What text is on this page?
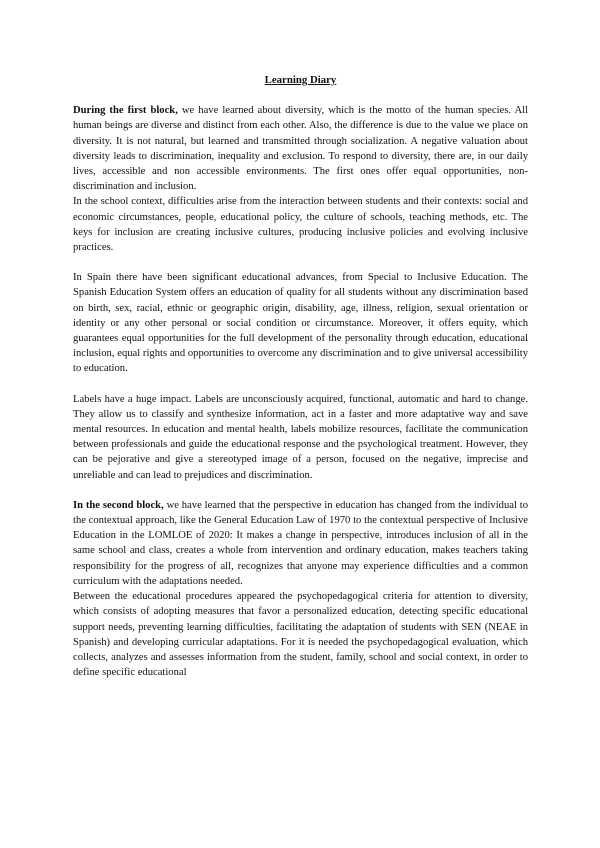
Learning Diary

During the first block, we have learned about diversity, which is the motto of the human species. All human beings are diverse and distinct from each other. Also, the difference is due to the value we place on diversity. It is not natural, but learned and transmitted through socialization. A negative valuation about diversity leads to discrimination, inequality and exclusion. To respond to diversity, there are, in our daily lives, accessible and non accessible environments. The first ones offer equal opportunities, non-discrimination and inclusion.

In the school context, difficulties arise from the interaction between students and their contexts: social and economic circumstances, people, educational policy, the culture of schools, teaching methods, etc. The keys for inclusion are creating inclusive cultures, producing inclusive policies and evolving inclusive practices.

In Spain there have been significant educational advances, from Special to Inclusive Education. The Spanish Education System offers an education of quality for all students without any discrimination based on birth, sex, racial, ethnic or geographic origin, disability, age, illness, religion, sexual orientation or identity or any other personal or social condition or circumstance. Moreover, it offers equity, which guarantees equal opportunities for the full development of the personality through education, educational inclusion, equal rights and opportunities to overcome any discrimination and to give universal accessibility to education.

Labels have a huge impact. Labels are unconsciously acquired, functional, automatic and hard to change. They allow us to classify and synthesize information, act in a faster and more adaptative way and save mental resources. In education and mental health, labels mobilize resources, facilitate the communication between professionals and guide the educational response and the psychological treatment. However, they can be pejorative and give a stereotyped image of a person, focused on the negative, imprecise and unreliable and can lead to prejudices and discrimination.

In the second block, we have learned that the perspective in education has changed from the individual to the contextual approach, like the General Education Law of 1970 to the contextual perspective of Inclusive Education in the LOMLOE of 2020: It makes a change in perspective, introduces inclusion of all in the same school and class, creates a whole from intervention and ordinary education, makes teachers taking responsibility for the progress of all, recognizes that anyone may experience difficulties and a common curriculum with the adaptations needed.

Between the educational procedures appeared the psychopedagogical criteria for attention to diversity, which consists of adopting measures that favor a personalized education, detecting specific educational support needs, preventing learning difficulties, facilitating the adaptation of students with SEN (NEAE in Spanish) and developing curricular adaptations. For it is needed the psychopedagogical evaluation, which collects, analyzes and assesses information from the student, family, school and social context, in order to define specific educational
